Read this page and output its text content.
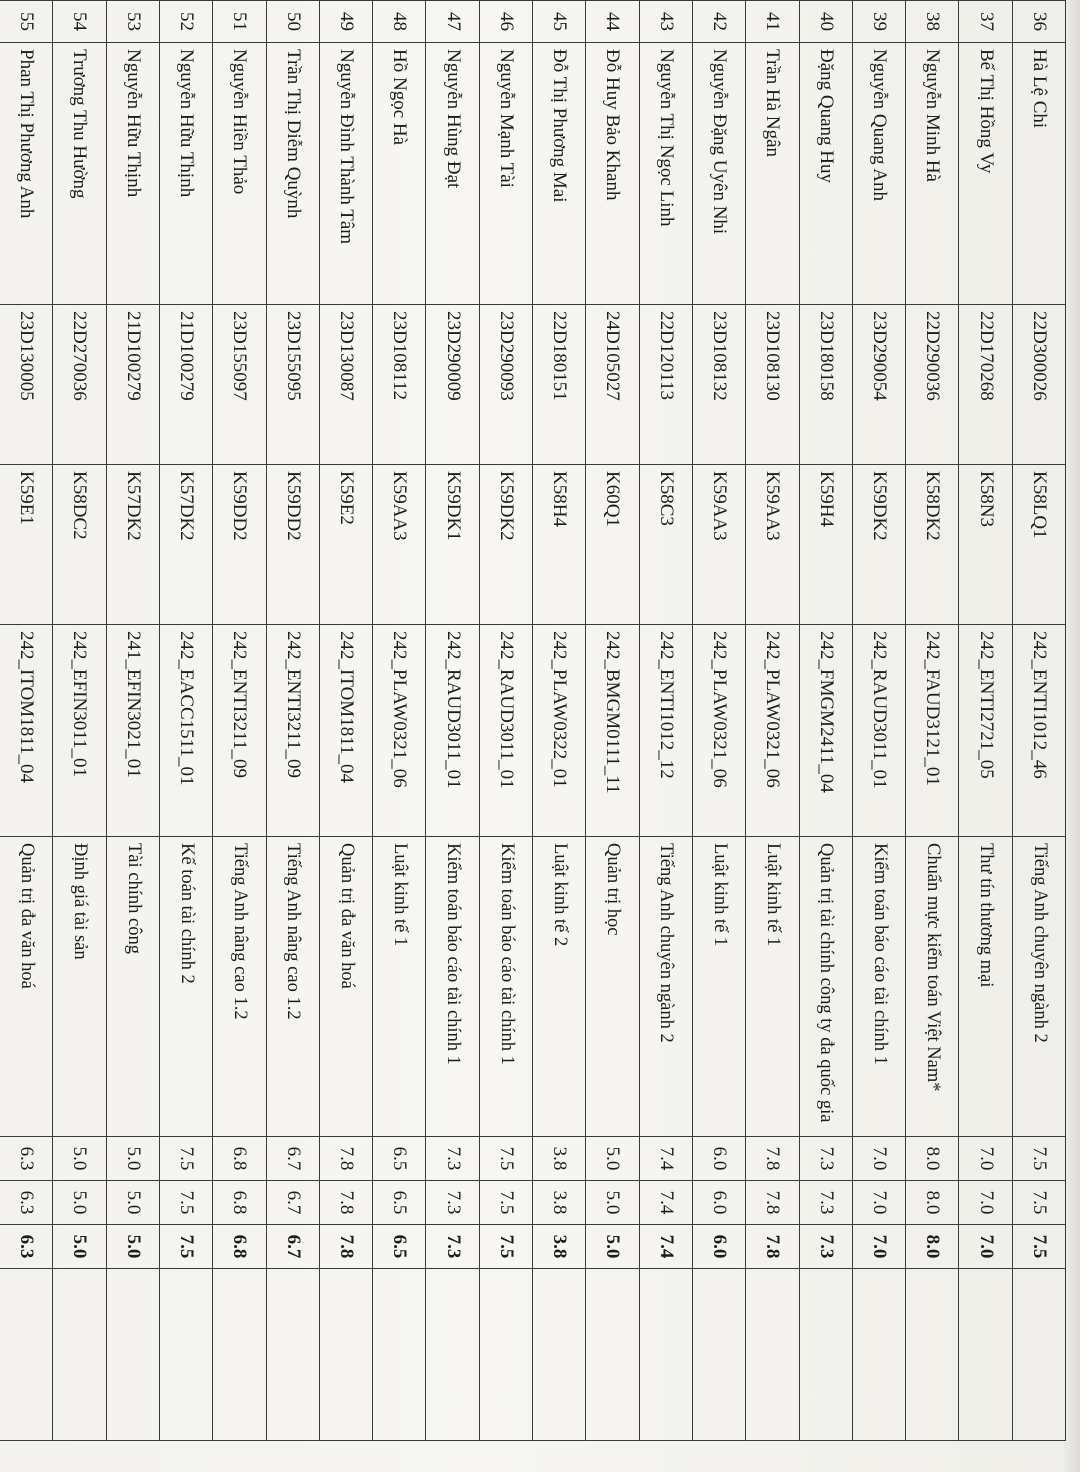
36	Hà Lệ Chi	22D300026	K58LQ1	242_ENTI1012_46	Tiếng Anh chuyên ngành 2	7.5	7.5	7.5	
37	Bế Thị Hồng Vy	22D170268	K58N3	242_ENTI2721_05	Thư tín thương mại	7.0	7.0	7.0	
38	Nguyễn Minh Hà	22D290036	K58DK2	242_FAUD3121_01	Chuẩn mực kiểm toán Việt Nam*	8.0	8.0	8.0	
39	Nguyễn Quang Anh	23D290054	K59DK2	242_RAUD3011_01	Kiểm toán báo cáo tài chính 1	7.0	7.0	7.0	
40	Đặng Quang Huy	23D180158	K59H4	242_FMGM2411_04	Quản trị tài chính công ty đa quốc gia	7.3	7.3	7.3	
41	Trần Hà Ngân	23D108130	K59AA3	242_PLAW0321_06	Luật kinh tế 1	7.8	7.8	7.8	
42	Nguyễn Đặng Uyên Nhi	23D108132	K59AA3	242_PLAW0321_06	Luật kinh tế 1	6.0	6.0	6.0	
43	Nguyễn Thị Ngọc Linh	22D120113	K58C3	242_ENTI1012_12	Tiếng Anh chuyên ngành 2	7.4	7.4	7.4	
44	Đỗ Huy Bảo Khanh	24D105027	K60Q1	242_BMGM0111_11	Quản trị học	5.0	5.0	5.0	
45	Đỗ Thị Phương Mai	22D180151	K58H4	242_PLAW0322_01	Luật kinh tế 2	3.8	3.8	3.8	
46	Nguyễn Mạnh Tài	23D290093	K59DK2	242_RAUD3011_01	Kiểm toán báo cáo tài chính 1	7.5	7.5	7.5	
47	Nguyễn Hùng Đạt	23D290009	K59DK1	242_RAUD3011_01	Kiểm toán báo cáo tài chính 1	7.3	7.3	7.3	
48	Hồ Ngọc Hà	23D108112	K59AA3	242_PLAW0321_06	Luật kinh tế 1	6.5	6.5	6.5	
49	Nguyễn Đình Thành Tâm	23D130087	K59E2	242_ITOM1811_04	Quản trị đa văn hoá	7.8	7.8	7.8	
50	Trần Thị Diễm Quỳnh	23D155095	K59DD2	242_ENTI3211_09	Tiếng Anh nâng cao 1.2	6.7	6.7	6.7	
51	Nguyễn Hiền Thảo	23D155097	K59DD2	242_ENTI3211_09	Tiếng Anh nâng cao 1.2	6.8	6.8	6.8	
52	Nguyễn Hữu Thịnh	21D100279	K57DK2	242_EACC1511_01	Kế toán tài chính 2	7.5	7.5	7.5	
53	Nguyễn Hữu Thịnh	21D100279	K57DK2	241_EFIN3021_01	Tài chính công	5.0	5.0	5.0	
54	Trương Thu Hường	22D270036	K58DC2	242_EFIN3011_01	Định giá tài sản	5.0	5.0	5.0	
55	Phan Thị Phương Anh	23D130005	K59E1	242_ITOM1811_04	Quản trị đa văn hoá	6.3	6.3	6.3	
